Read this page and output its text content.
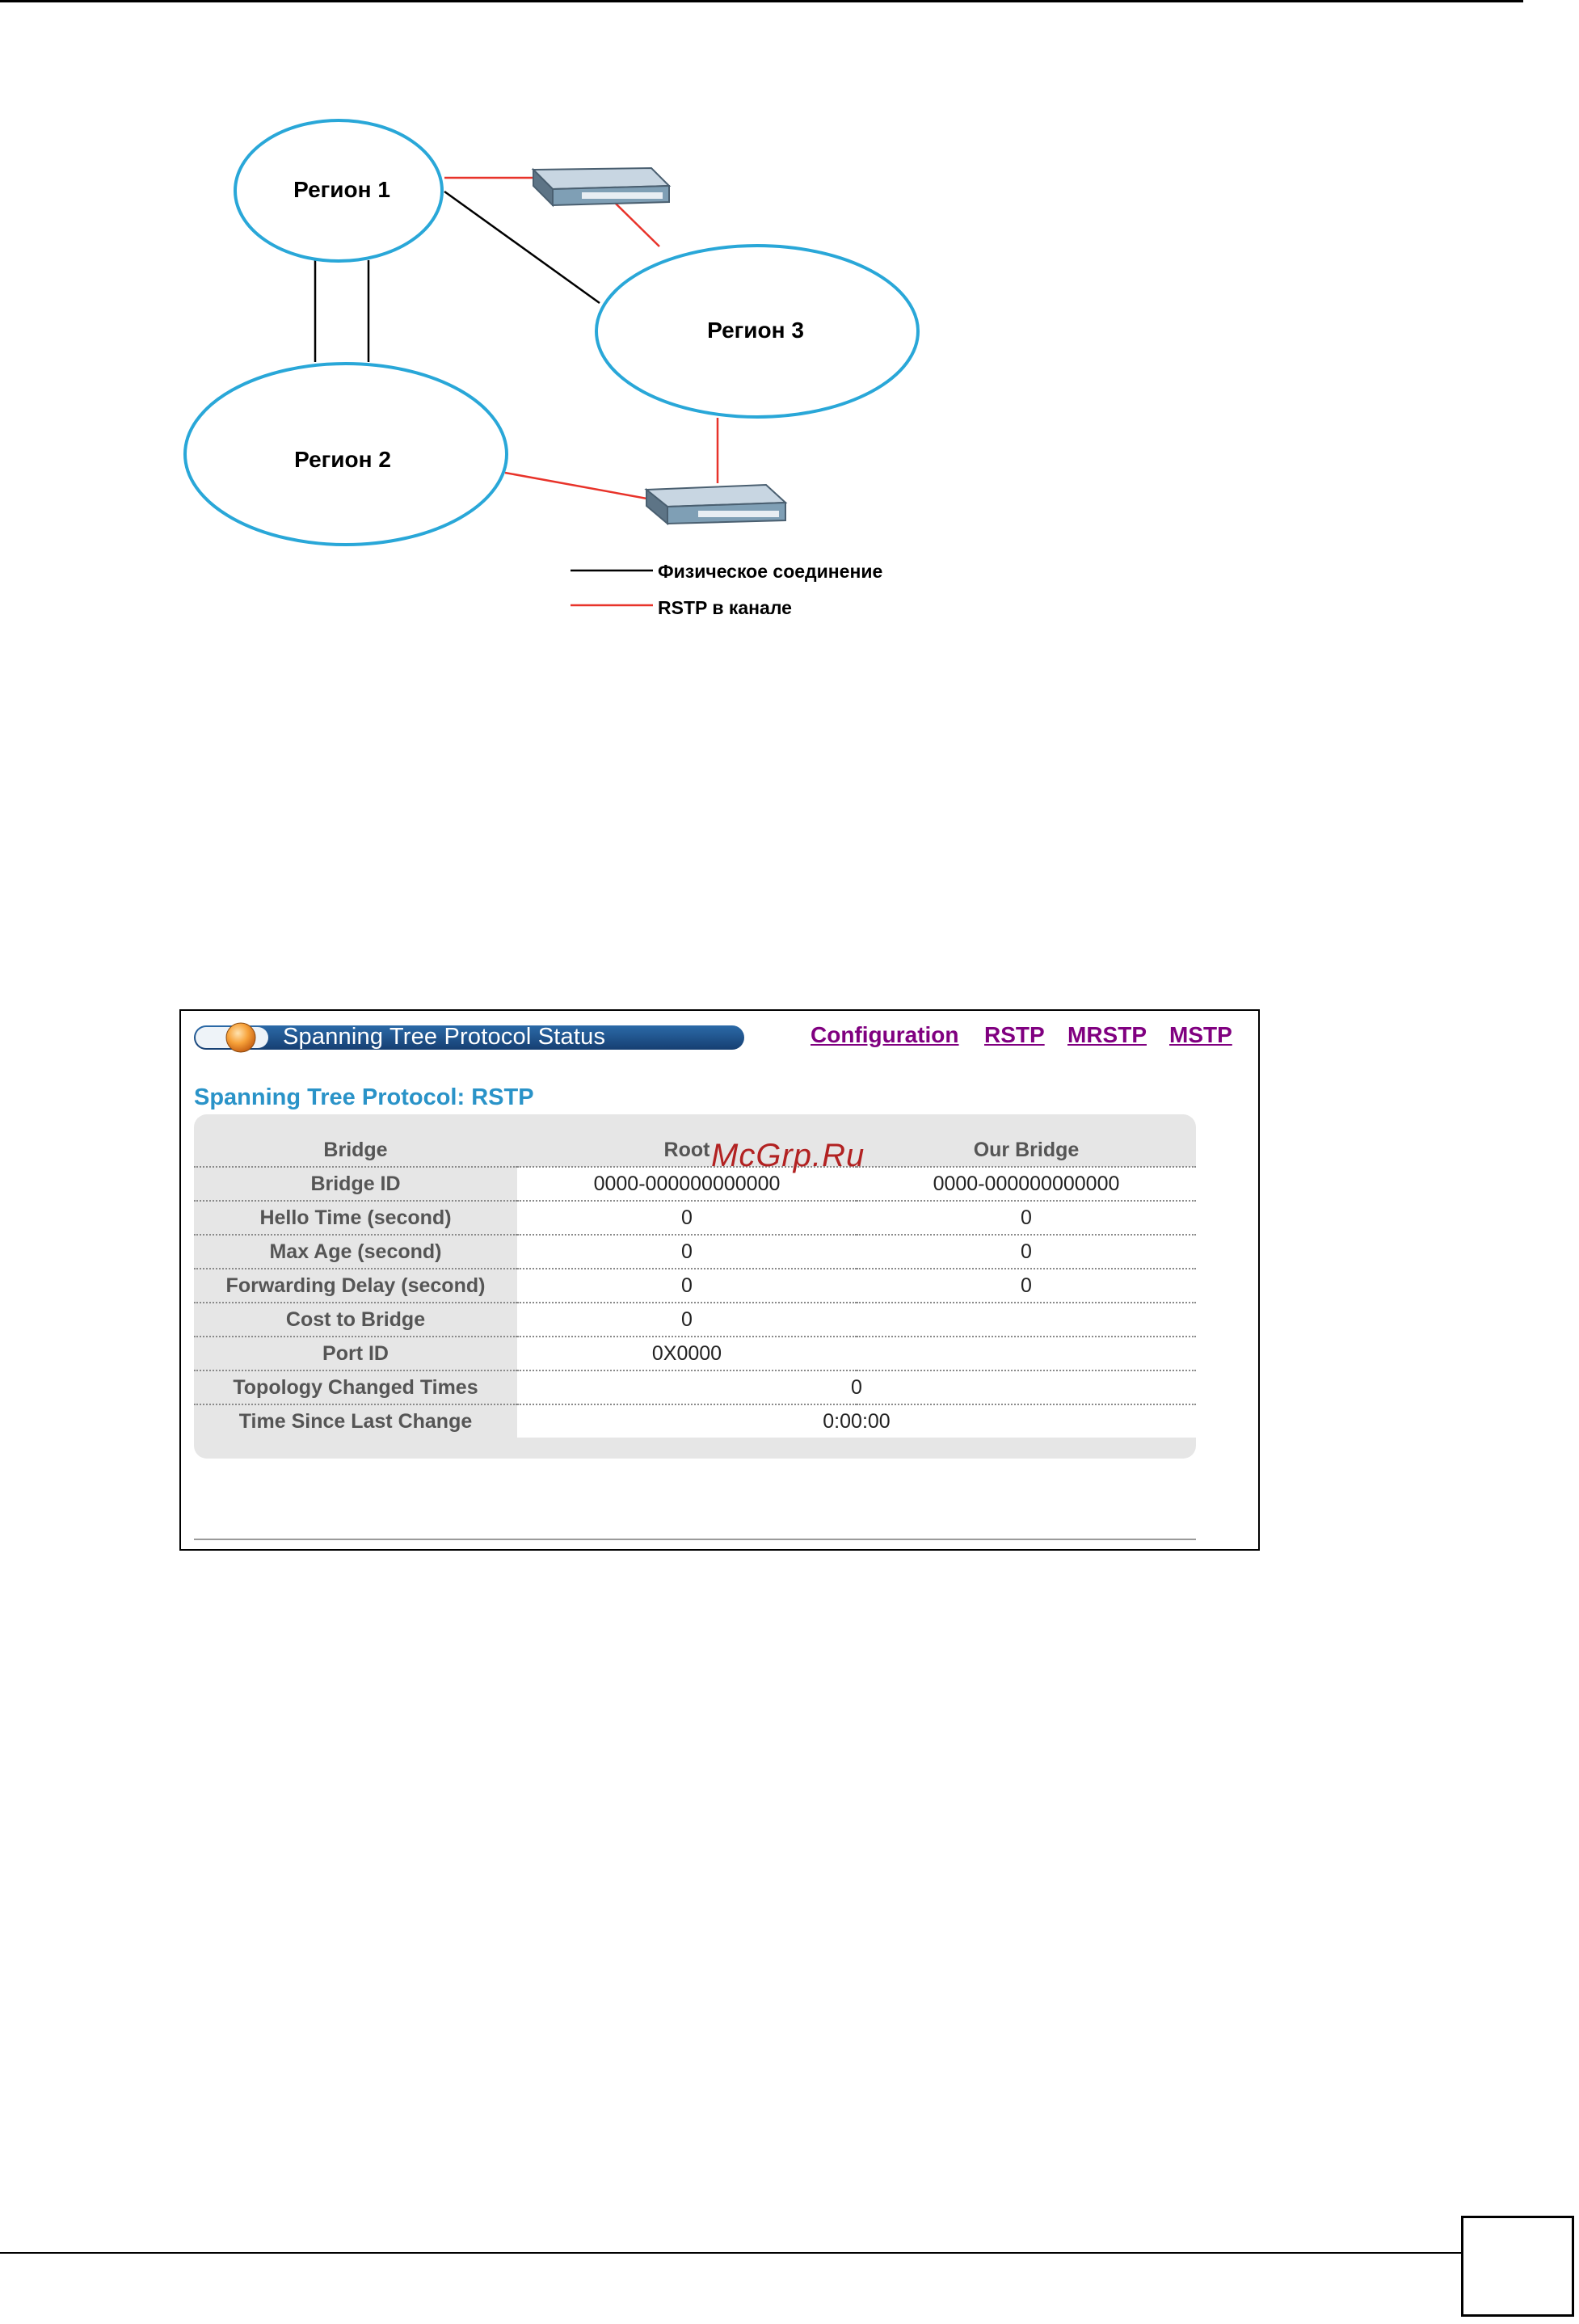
Регион 1
Регион 3
Регион 2
Физическое соединение
RSTP в канале
Spanning Tree Protocol Status	Configuration RSTP MRSTP MSTP
Spanning Tree Protocol: RSTP
Bridge	Root	Our Bridge
Bridge ID	0000-000000000000	0000-000000000000
Hello Time (second)	0	0
Max Age (second)	0	0
Forwarding Delay (second)	0	0
Cost to Bridge	0	
Port ID	0X0000	
Topology Changed Times	0	
Time Since Last Change	0:00:00	
McGrp.Ru
